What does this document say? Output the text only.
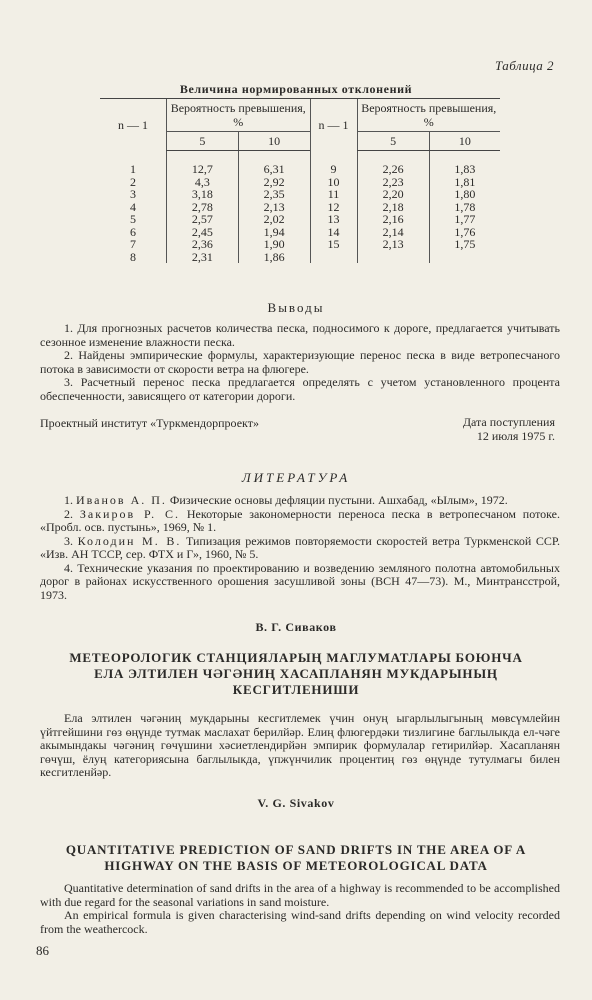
Таблица 2
Величина нормированных отклонений
n — 1	Вероятность превышения, %		n — 1	Вероятность превышения, %	
	5	10		5	10
1	12,7	6,31	9	2,26	1,83
2	4,3	2,92	10	2,23	1,81
3	3,18	2,35	11	2,20	1,80
4	2,78	2,13	12	2,18	1,78
5	2,57	2,02	13	2,16	1,77
6	2,45	1,94	14	2,14	1,76
7	2,36	1,90	15	2,13	1,75
8	2,31	1,86			
Выводы

1. Для прогнозных расчетов количества песка, подносимого к дороге, предлагается учитывать сезонное изменение влажности песка.

2. Найдены эмпирические формулы, характеризующие перенос песка в виде ветропесчаного потока в зависимости от скорости ветра на флюгере.

3. Расчетный перенос песка предлагается определять с учетом установленного процента обеспеченности, зависящего от категории дороги.

Проектный институт «Туркмендорпроект»	Дата поступления
12 июля 1975 г.
ЛИТЕРАТУРА

1. Иванов А. П. Физические основы дефляции пустыни. Ашхабад, «Ылым», 1972.

2. Закиров Р. С. Некоторые закономерности переноса песка в ветропесчаном потоке. «Пробл. осв. пустынь», 1969, № 1.

3. Колодин М. В. Типизация режимов повторяемости скоростей ветра Туркменской ССР. «Изв. АН ТССР, сер. ФТХ и Г», 1960, № 5.

4. Технические указания по проектированию и возведению земляного полотна автомобильных дорог в районах искусственного орошения засушливой зоны (ВСН 47—73). М., Минтрансстрой, 1973.

В. Г. Сиваков
МЕТЕОРОЛОГИК СТАНЦИЯЛАРЫҢ МАГЛУМАТЛАРЫ БОЮНЧА ЕЛА ЭЛТИЛЕН ЧӘГӘНИҢ ХАСАПЛАНЯН МУКДАРЫНЫҢ КЕСГИТЛЕНИШИ

Ела элтилен чәгәниң мукдарыны кесгитлемек үчин онуң ыгарлылыгының мөвсүмлейин үйтгейшини гөз өңүнде тутмак маслахат берилйәр. Елиң флюгердәки тизлигине баглылыкда ел-чәге акымындакы чәгәниң гөчүшини хәсиетлендирйән эмпирик формулалар гетирилйәр. Хасапланян гөчүш, ёлуң категориясына баглылыкда, үпжүнчилик процентиң гөз өңүнде тутулмагы билен кесгитленйәр.

V. G. Sivakov
QUANTITATIVE PREDICTION OF SAND DRIFTS IN THE AREA OF A HIGHWAY ON THE BASIS OF METEOROLOGICAL DATA

Quantitative determination of sand drifts in the area of a highway is recommended to be accomplished with due regard for the seasonal variations in sand moisture.

An empirical formula is given characterising wind-sand drifts depending on wind velocity recorded from the weathercock.

86
